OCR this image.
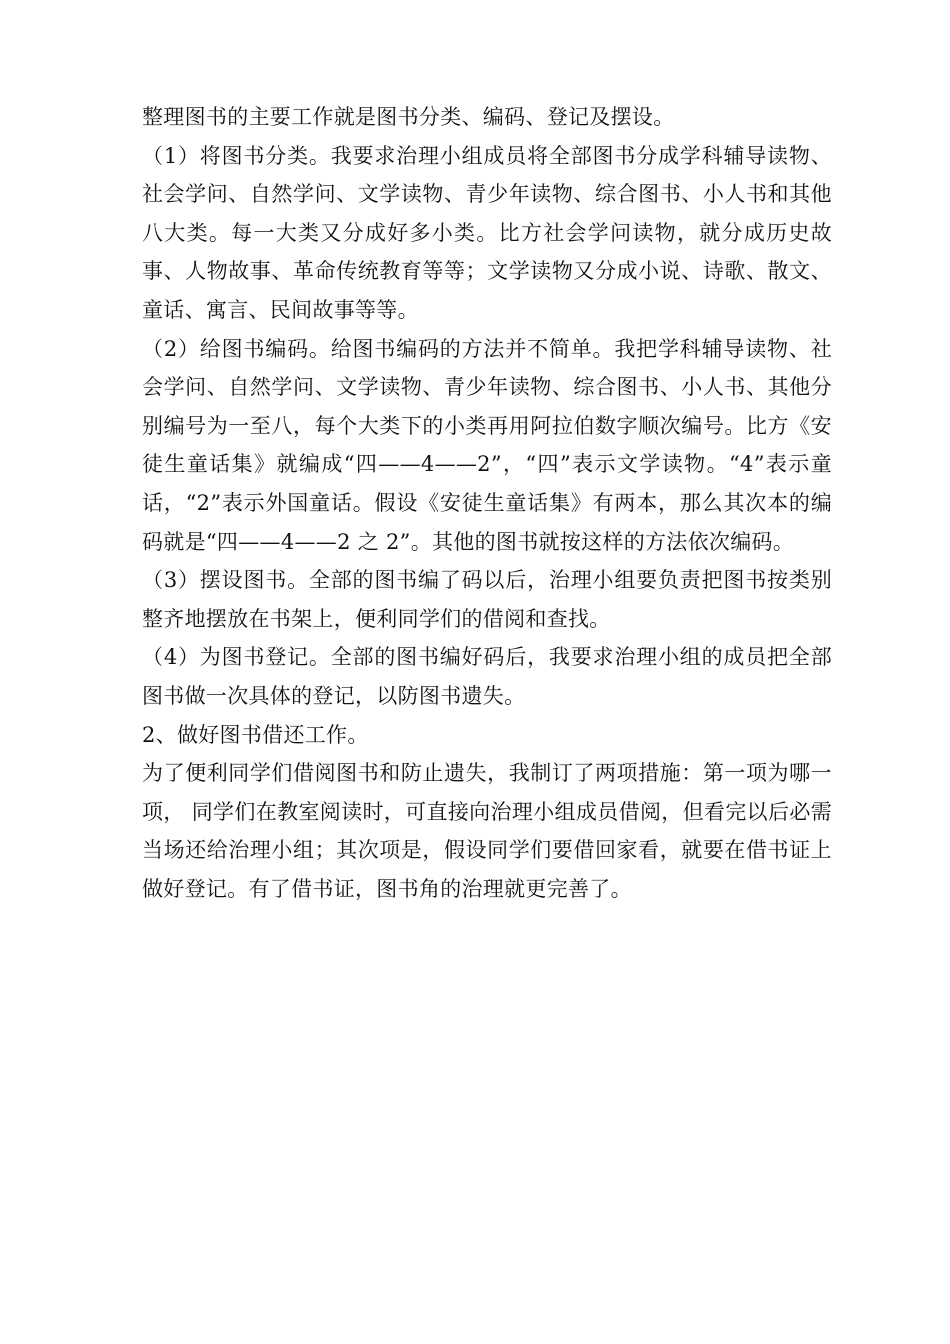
整理图书的主要工作就是图书分类、编码、登记及摆设。

（1）将图书分类。我要求治理小组成员将全部图书分成学科辅导读物、社会学问、自然学问、文学读物、青少年读物、综合图书、小人书和其他八大类。每一大类又分成好多小类。比方社会学问读物，就分成历史故事、人物故事、革命传统教育等等；文学读物又分成小说、诗歌、散文、童话、寓言、民间故事等等。

（2）给图书编码。给图书编码的方法并不简单。我把学科辅导读物、社会学问、自然学问、文学读物、青少年读物、综合图书、小人书、其他分别编号为一至八，每个大类下的小类再用阿拉伯数字顺次编号。比方《安徒生童话集》就编成“四——4——2”，“四”表示文学读物。“4”表示童话，“2”表示外国童话。假设《安徒生童话集》有两本，那么其次本的编码就是“四——4——2 之 2”。其他的图书就按这样的方法依次编码。

（3）摆设图书。全部的图书编了码以后，治理小组要负责把图书按类别整齐地摆放在书架上，便利同学们的借阅和查找。

（4）为图书登记。全部的图书编好码后，我要求治理小组的成员把全部图书做一次具体的登记，以防图书遗失。

2、做好图书借还工作。

为了便利同学们借阅图书和防止遗失，我制订了两项措施：第一项为哪一项， 同学们在教室阅读时，可直接向治理小组成员借阅，但看完以后必需当场还给治理小组；其次项是，假设同学们要借回家看，就要在借书证上做好登记。有了借书证，图书角的治理就更完善了。
